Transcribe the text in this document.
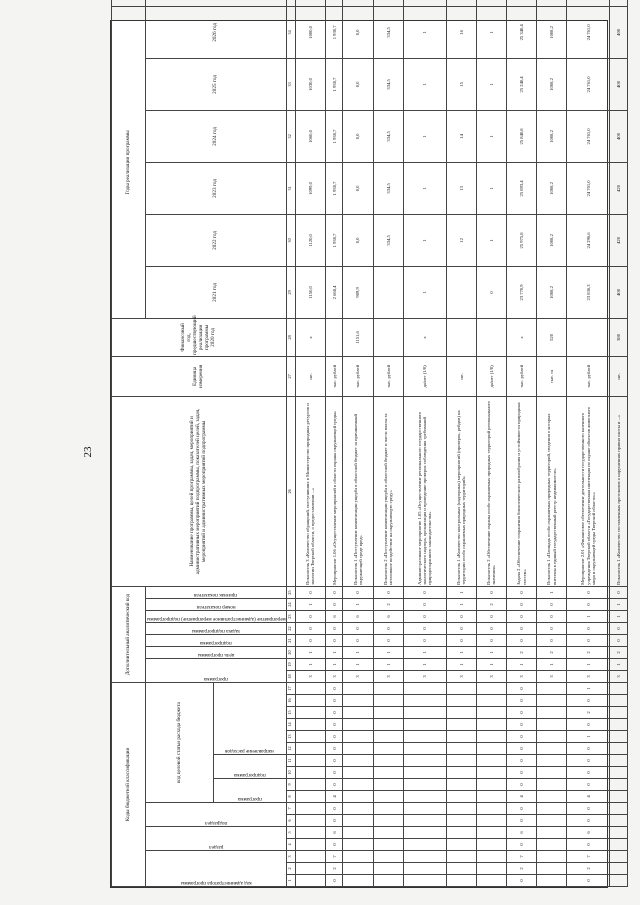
23
Коды бюджетной классификации																	Дополнительный аналитический код								Наименование программы, целей программы, задач, мероприятий и административных мероприятий подпрограммы, показателей целей, задач, мероприятий и административных мероприятий подпрограммы	Единица измерения	Финансовый год, предшествующий реализации программы 2020 год	Годы реализации программы	

код администратора программы			раздел		подраздел		код целевой статьи расхода бюджета										программа		цель программы	подпрограмма	задача подпрограммы	мероприятие (административное мероприятие) подпрограммы	номер показателя	признак показателя				2021 год	2022 год	2023 год	2024 год	2025 год	2026 год		

							программа		подпрограмма		направление расходов																								

1	2	3	4	5	6	7	8	9	10	11	12	13	14	15	16	17	18	19	20	21	22	23	24	25	26	27	28	29	30	31	32	33	34		
																	3	1	1	0	0	0	1	0	Показатель 3 «Количество обращений, поступивших в Министерство природных ресурсов и экологии Тверской области, о предоставлении ...»	шт.	x	1150,0	1120,0	1099,0	1060,0	1030,0	1000,0		
0	2	7	0	6	0	0	4	0	0	0	0	0	0	0	0	0	3	1	1	0	0	6	0	0	Мероприятие 1.06 «Осуществление мероприятий в области охраны окружающей среды»	тыс. рублей		2 668,4	1 930,7	1 930,7	1 930,7	1 930,7	1 930,7		
																	3	1	1	0	0	6	1	0	Показатель 1 «Поступление компенсации ущерба в областной бюджет за причиненный окружающей среде вред»	тыс. рублей	1151,6	909,9	0,0	0,0	0,0	0,0	0,0		
																	3	1	1	0	0	6	2	0	Показатель 2 «Поступление компенсации ущерба в областной бюджет и части платы за негативное воздействие на окружающую среду»	тыс. рублей			334,5	334,5	334,5	334,5	334,5		
																	3	1	1	0	0	0	0	0	Административное мероприятие 1.05 «Осуществление регионального государственного экологического надзора, организация и проведение проверок соблюдения требований природоохранного законодательства»	да/нет (1/0)	x	1	1	1	1	1	1		
																	3	1	1	0	0	0	1	1	Показатель 1 «Количество контрольных (надзорных) мероприятий (проверок, рейдов) на территории особо охраняемых природных территорий»	шт.			12	13	14	15	16		
																	3	1	1	0	0	0	2	0	Показатель 2 «Обеспечение охраны особо охраняемых природных территорий регионального значения»	да/нет (1/0)		0	1	1	1	1	1		
0	2	7	0	6	0	0	4	0	0	0	0	0	0	0	0	0	3	1	2	0	0	0	0	0	Задача 2 «Обеспечение сохранения биологического разнообразия и устойчивости природных систем»	тыс. рублей	x	23 770,9	25 975,8	25 893,4	25 840,8	25 240,4	25 340,4		
																	3	1	2	0	0	0	0	1	Показатель 1 «Площадь особо охраняемых природных территорий, сведения о которых внесены в единый государственный реестр недвижимости»	тыс. га	520	1008,2	1008,2	1008,2	1008,2	1008,2	1008,2		
0	2	7	0	6	0	0	4	0	0	0	0	1	0	2	0	1	3	1	2	0	0	1	0	0	Мероприятие 2.01 «Финансовое обеспечение деятельности государственного казенного учреждения Тверской области «Государственная инспекция по охране объектов животного мира и окружающей среды Тверской области»»	тыс. рублей		23 836,3	24 296,6	24 701,0	24 761,0	24 761,0	24 761,0		
																	3	1	2	0	0	1	1	0	Показатель 1 «Количество составленных протоколов о нарушениях правил охоты и ...»	шт.	380	400	420	420	400	400	400		
